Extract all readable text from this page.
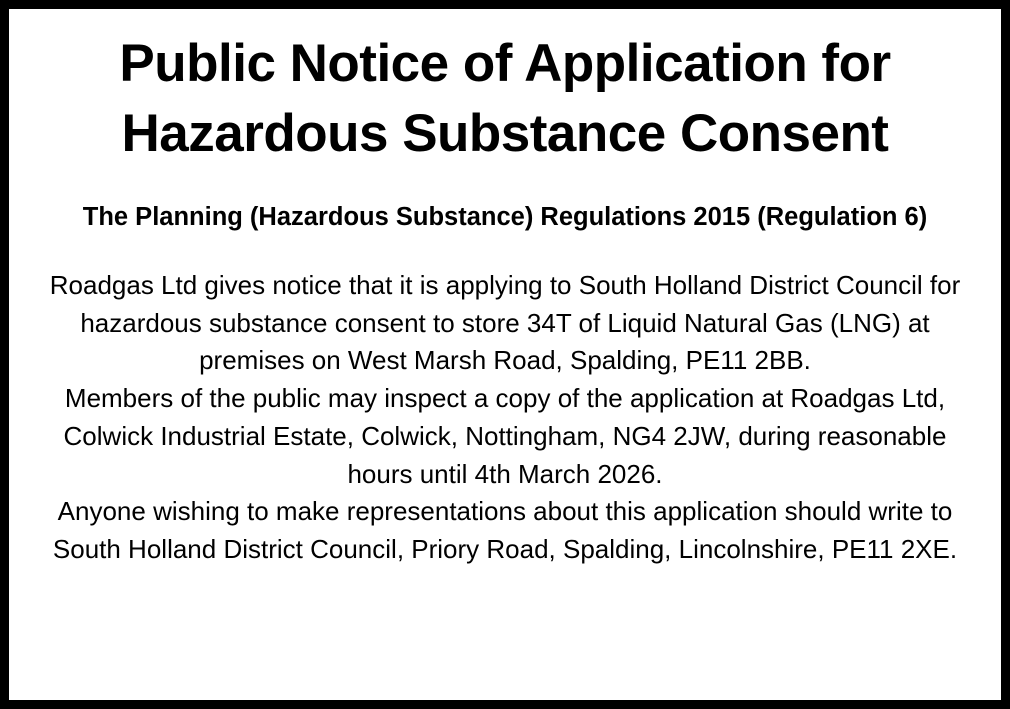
Public Notice of Application for Hazardous Substance Consent
The Planning (Hazardous Substance) Regulations 2015 (Regulation 6)

Roadgas Ltd gives notice that it is applying to South Holland District Council for hazardous substance consent to store 34T of Liquid Natural Gas (LNG) at premises on West Marsh Road, Spalding, PE11 2BB.

Members of the public may inspect a copy of the application at Roadgas Ltd, Colwick Industrial Estate, Colwick, Nottingham, NG4 2JW, during reasonable hours until 4th March 2026.

Anyone wishing to make representations about this application should write to South Holland District Council, Priory Road, Spalding, Lincolnshire, PE11 2XE.
